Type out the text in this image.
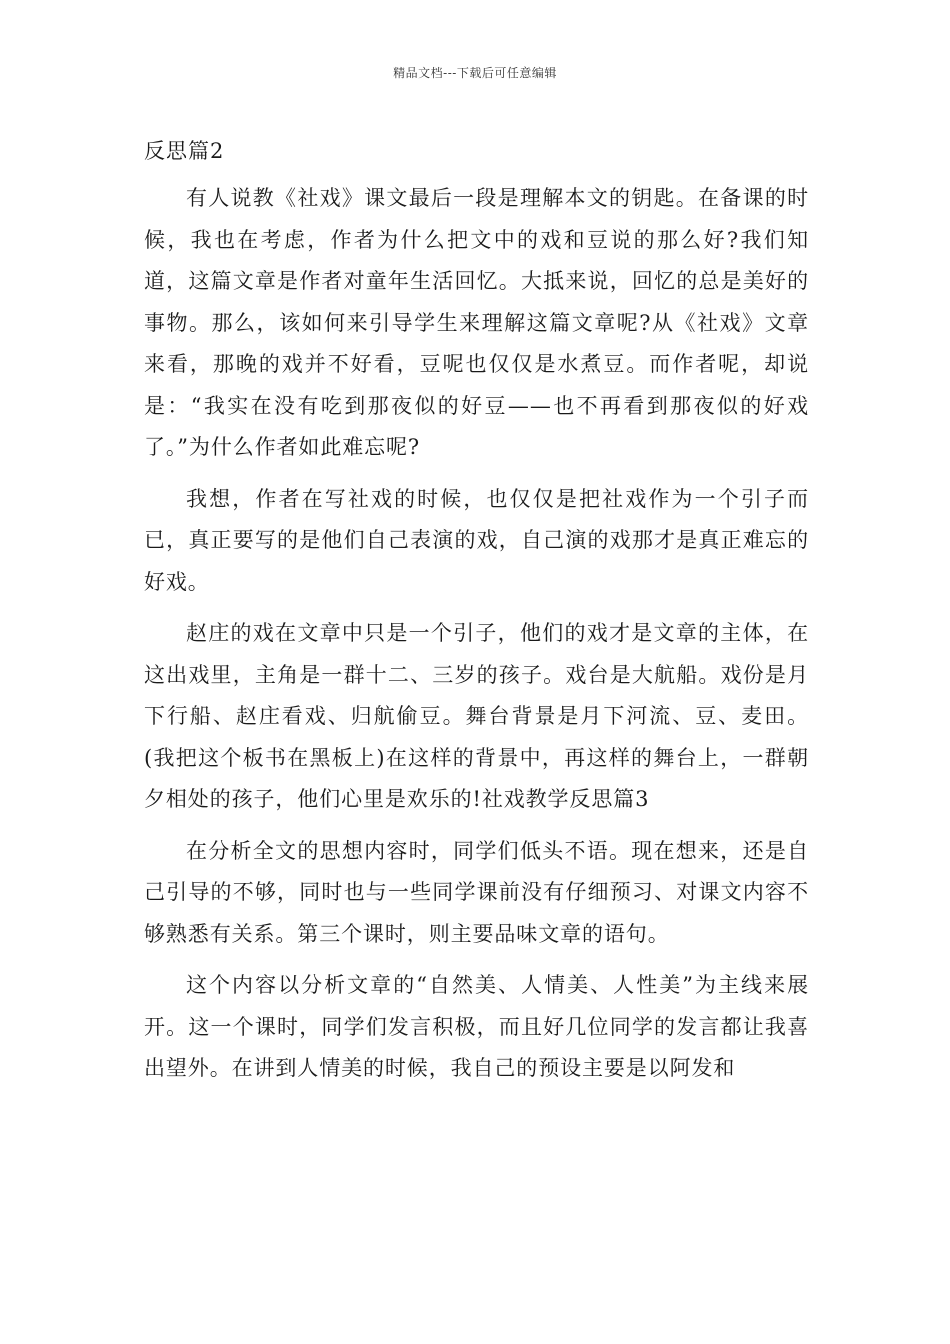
精品文档---下载后可任意编辑
反思篇2

有人说教《社戏》课文最后一段是理解本文的钥匙。在备课的时候，我也在考虑，作者为什么把文中的戏和豆说的那么好?我们知道，这篇文章是作者对童年生活回忆。大抵来说，回忆的总是美好的事物。那么，该如何来引导学生来理解这篇文章呢?从《社戏》文章来看，那晚的戏并不好看，豆呢也仅仅是水煮豆。而作者呢，却说是：“我实在没有吃到那夜似的好豆——也不再看到那夜似的好戏了。”为什么作者如此难忘呢?

我想，作者在写社戏的时候，也仅仅是把社戏作为一个引子而已，真正要写的是他们自己表演的戏，自己演的戏那才是真正难忘的好戏。

赵庄的戏在文章中只是一个引子，他们的戏才是文章的主体，在这出戏里，主角是一群十二、三岁的孩子。戏台是大航船。戏份是月下行船、赵庄看戏、归航偷豆。舞台背景是月下河流、豆、麦田。(我把这个板书在黑板上)在这样的背景中，再这样的舞台上，一群朝夕相处的孩子，他们心里是欢乐的!社戏教学反思篇3

在分析全文的思想内容时，同学们低头不语。现在想来，还是自己引导的不够，同时也与一些同学课前没有仔细预习、对课文内容不够熟悉有关系。第三个课时，则主要品味文章的语句。

这个内容以分析文章的“自然美、人情美、人性美”为主线来展开。这一个课时，同学们发言积极，而且好几位同学的发言都让我喜出望外。在讲到人情美的时候，我自己的预设主要是以阿发和
